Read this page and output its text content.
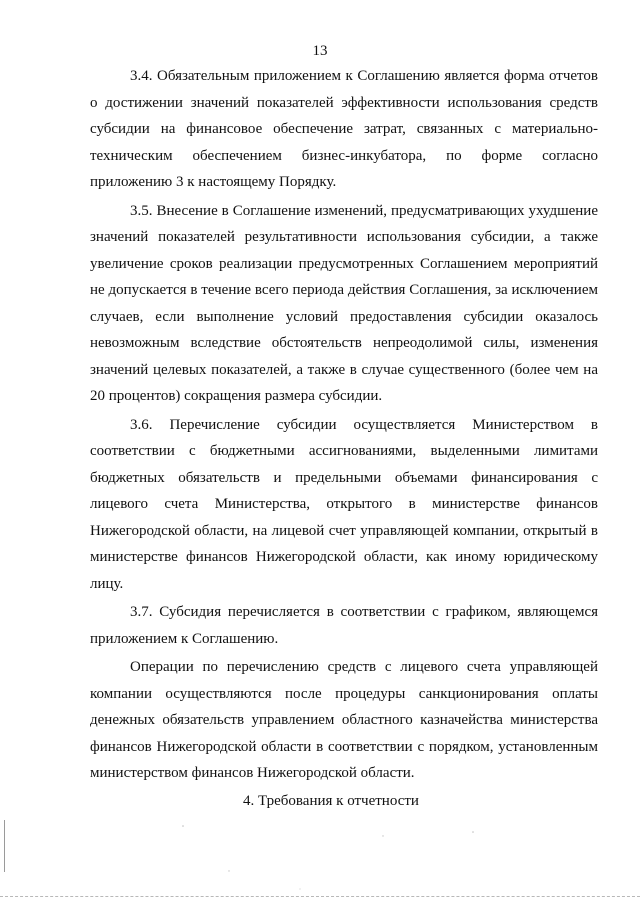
13

3.4. Обязательным приложением к Соглашению является форма отчетов о достижении значений показателей эффективности использования средств субсидии на финансовое обеспечение затрат, связанных с материально-техническим обеспечением бизнес-инкубатора, по форме согласно приложению 3 к настоящему Порядку.

3.5. Внесение в Соглашение изменений, предусматривающих ухудшение значений показателей результативности использования субсидии, а также увеличение сроков реализации предусмотренных Соглашением мероприятий не допускается в течение всего периода действия Соглашения, за исключением случаев, если выполнение условий предоставления субсидии оказалось невозможным вследствие обстоятельств непреодолимой силы, изменения значений целевых показателей, а также в случае существенного (более чем на 20 процентов) сокращения размера субсидии.

3.6. Перечисление субсидии осуществляется Министерством в соответствии с бюджетными ассигнованиями, выделенными лимитами бюджетных обязательств и предельными объемами финансирования с лицевого счета Министерства, открытого в министерстве финансов Нижегородской области, на лицевой счет управляющей компании, открытый в министерстве финансов Нижегородской области, как иному юридическому лицу.

3.7. Субсидия перечисляется в соответствии с графиком, являющемся приложением к Соглашению.

Операции по перечислению средств с лицевого счета управляющей компании осуществляются после процедуры санкционирования оплаты денежных обязательств управлением областного казначейства министерства финансов Нижегородской области в соответствии с порядком, установленным министерством финансов Нижегородской области.

4. Требования к отчетности
